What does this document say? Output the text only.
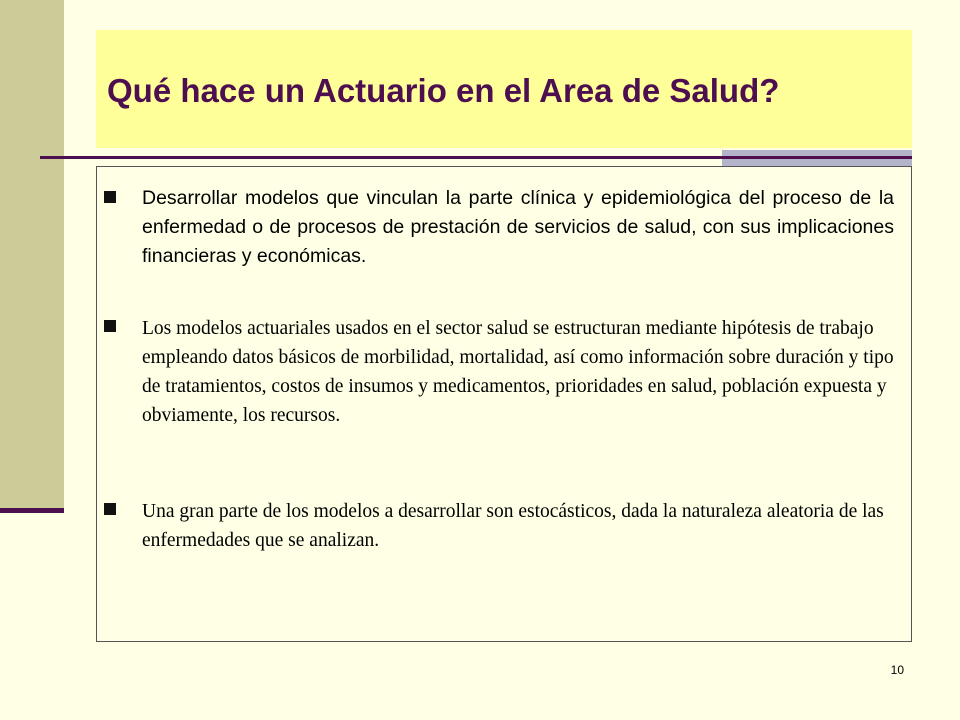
Qué hace un Actuario en el Area de Salud?

Desarrollar modelos que vinculan la parte clínica y epidemiológica del proceso de la enfermedad o de procesos de prestación de servicios de salud, con sus implicaciones financieras y económicas.

Los modelos actuariales usados en el sector salud se estructuran mediante hipótesis de trabajo empleando datos básicos de morbilidad, mortalidad, así como información sobre duración y tipo de tratamientos, costos de insumos y medicamentos, prioridades en salud, población expuesta y obviamente, los recursos.

Una gran parte de los modelos a desarrollar son estocásticos, dada la naturaleza aleatoria de las enfermedades que se analizan.

10
